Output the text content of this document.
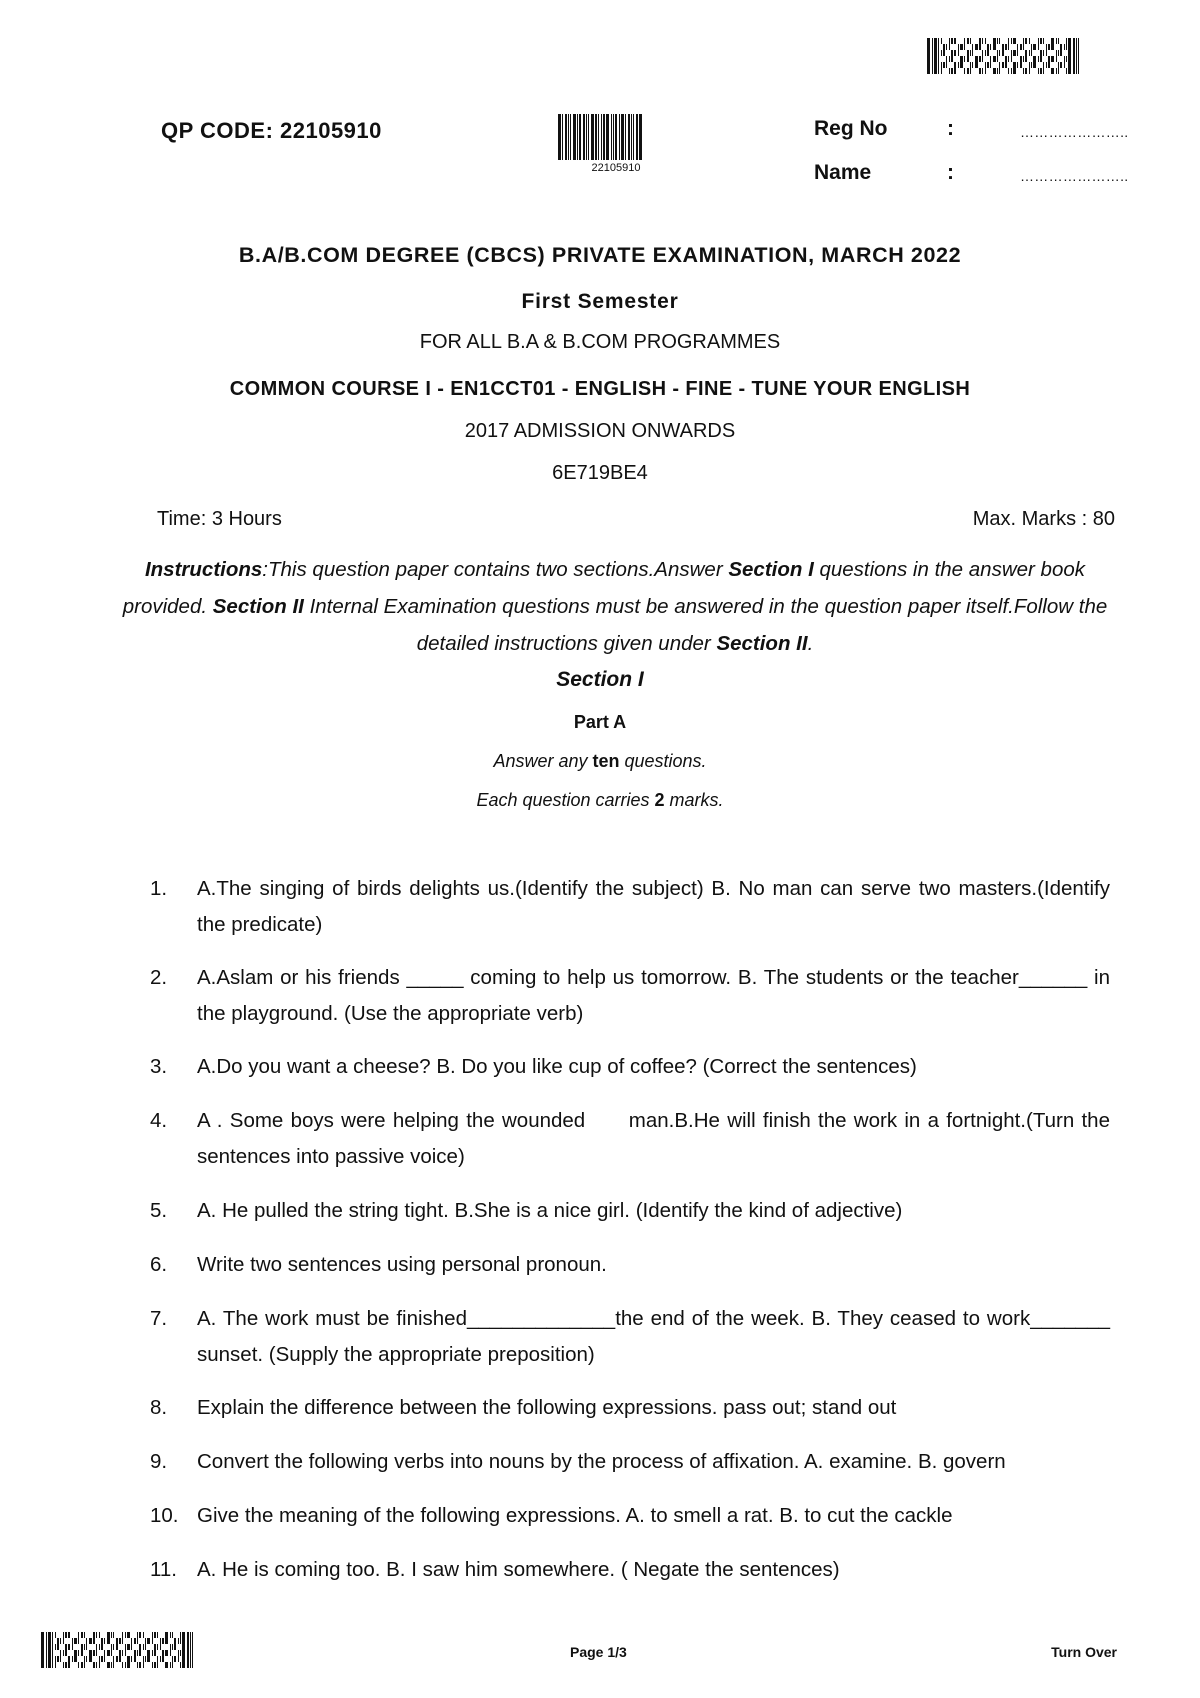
QP CODE: 22105910
22105910
Reg No	:	…………………..
Name	:	…………………..
B.A/B.COM DEGREE (CBCS) PRIVATE EXAMINATION, MARCH 2022
First Semester
FOR ALL B.A & B.COM PROGRAMMES
COMMON COURSE I - EN1CCT01 - ENGLISH - FINE - TUNE YOUR ENGLISH
2017 ADMISSION ONWARDS
6E719BE4
Time: 3 Hours	Max. Marks : 80
Instructions:This question paper contains two sections.Answer Section I questions in the answer book provided. Section II Internal Examination questions must be answered in the question paper itself.Follow the detailed instructions given under Section II.
Section I
Part A
Answer any ten questions.
Each question carries 2 marks.
1. A.The singing of birds delights us.(Identify the subject) B. No man can serve two masters.(Identify the predicate)
2. A.Aslam or his friends _____ coming to help us tomorrow. B. The students or the teacher______ in the playground. (Use the appropriate verb)
3. A.Do you want a cheese? B. Do you like cup of coffee? (Correct the sentences)
4. A . Some boys were helping the wounded      man.B.He will finish the work in a fortnight.(Turn the sentences into passive voice)
5. A. He pulled the string tight. B.She is a nice girl. (Identify the kind of adjective)
6. Write two sentences using personal pronoun.
7. A. The work must be finished_____________the end of the week. B. They ceased to work_______ sunset. (Supply the appropriate preposition)
8. Explain the difference between the following expressions. pass out; stand out
9. Convert the following verbs into nouns by the process of affixation. A. examine. B. govern
10. Give the meaning of the following expressions. A. to smell a rat. B. to cut the cackle
11. A. He is coming too. B. I saw him somewhere. ( Negate the sentences)
Page 1/3	Turn Over
